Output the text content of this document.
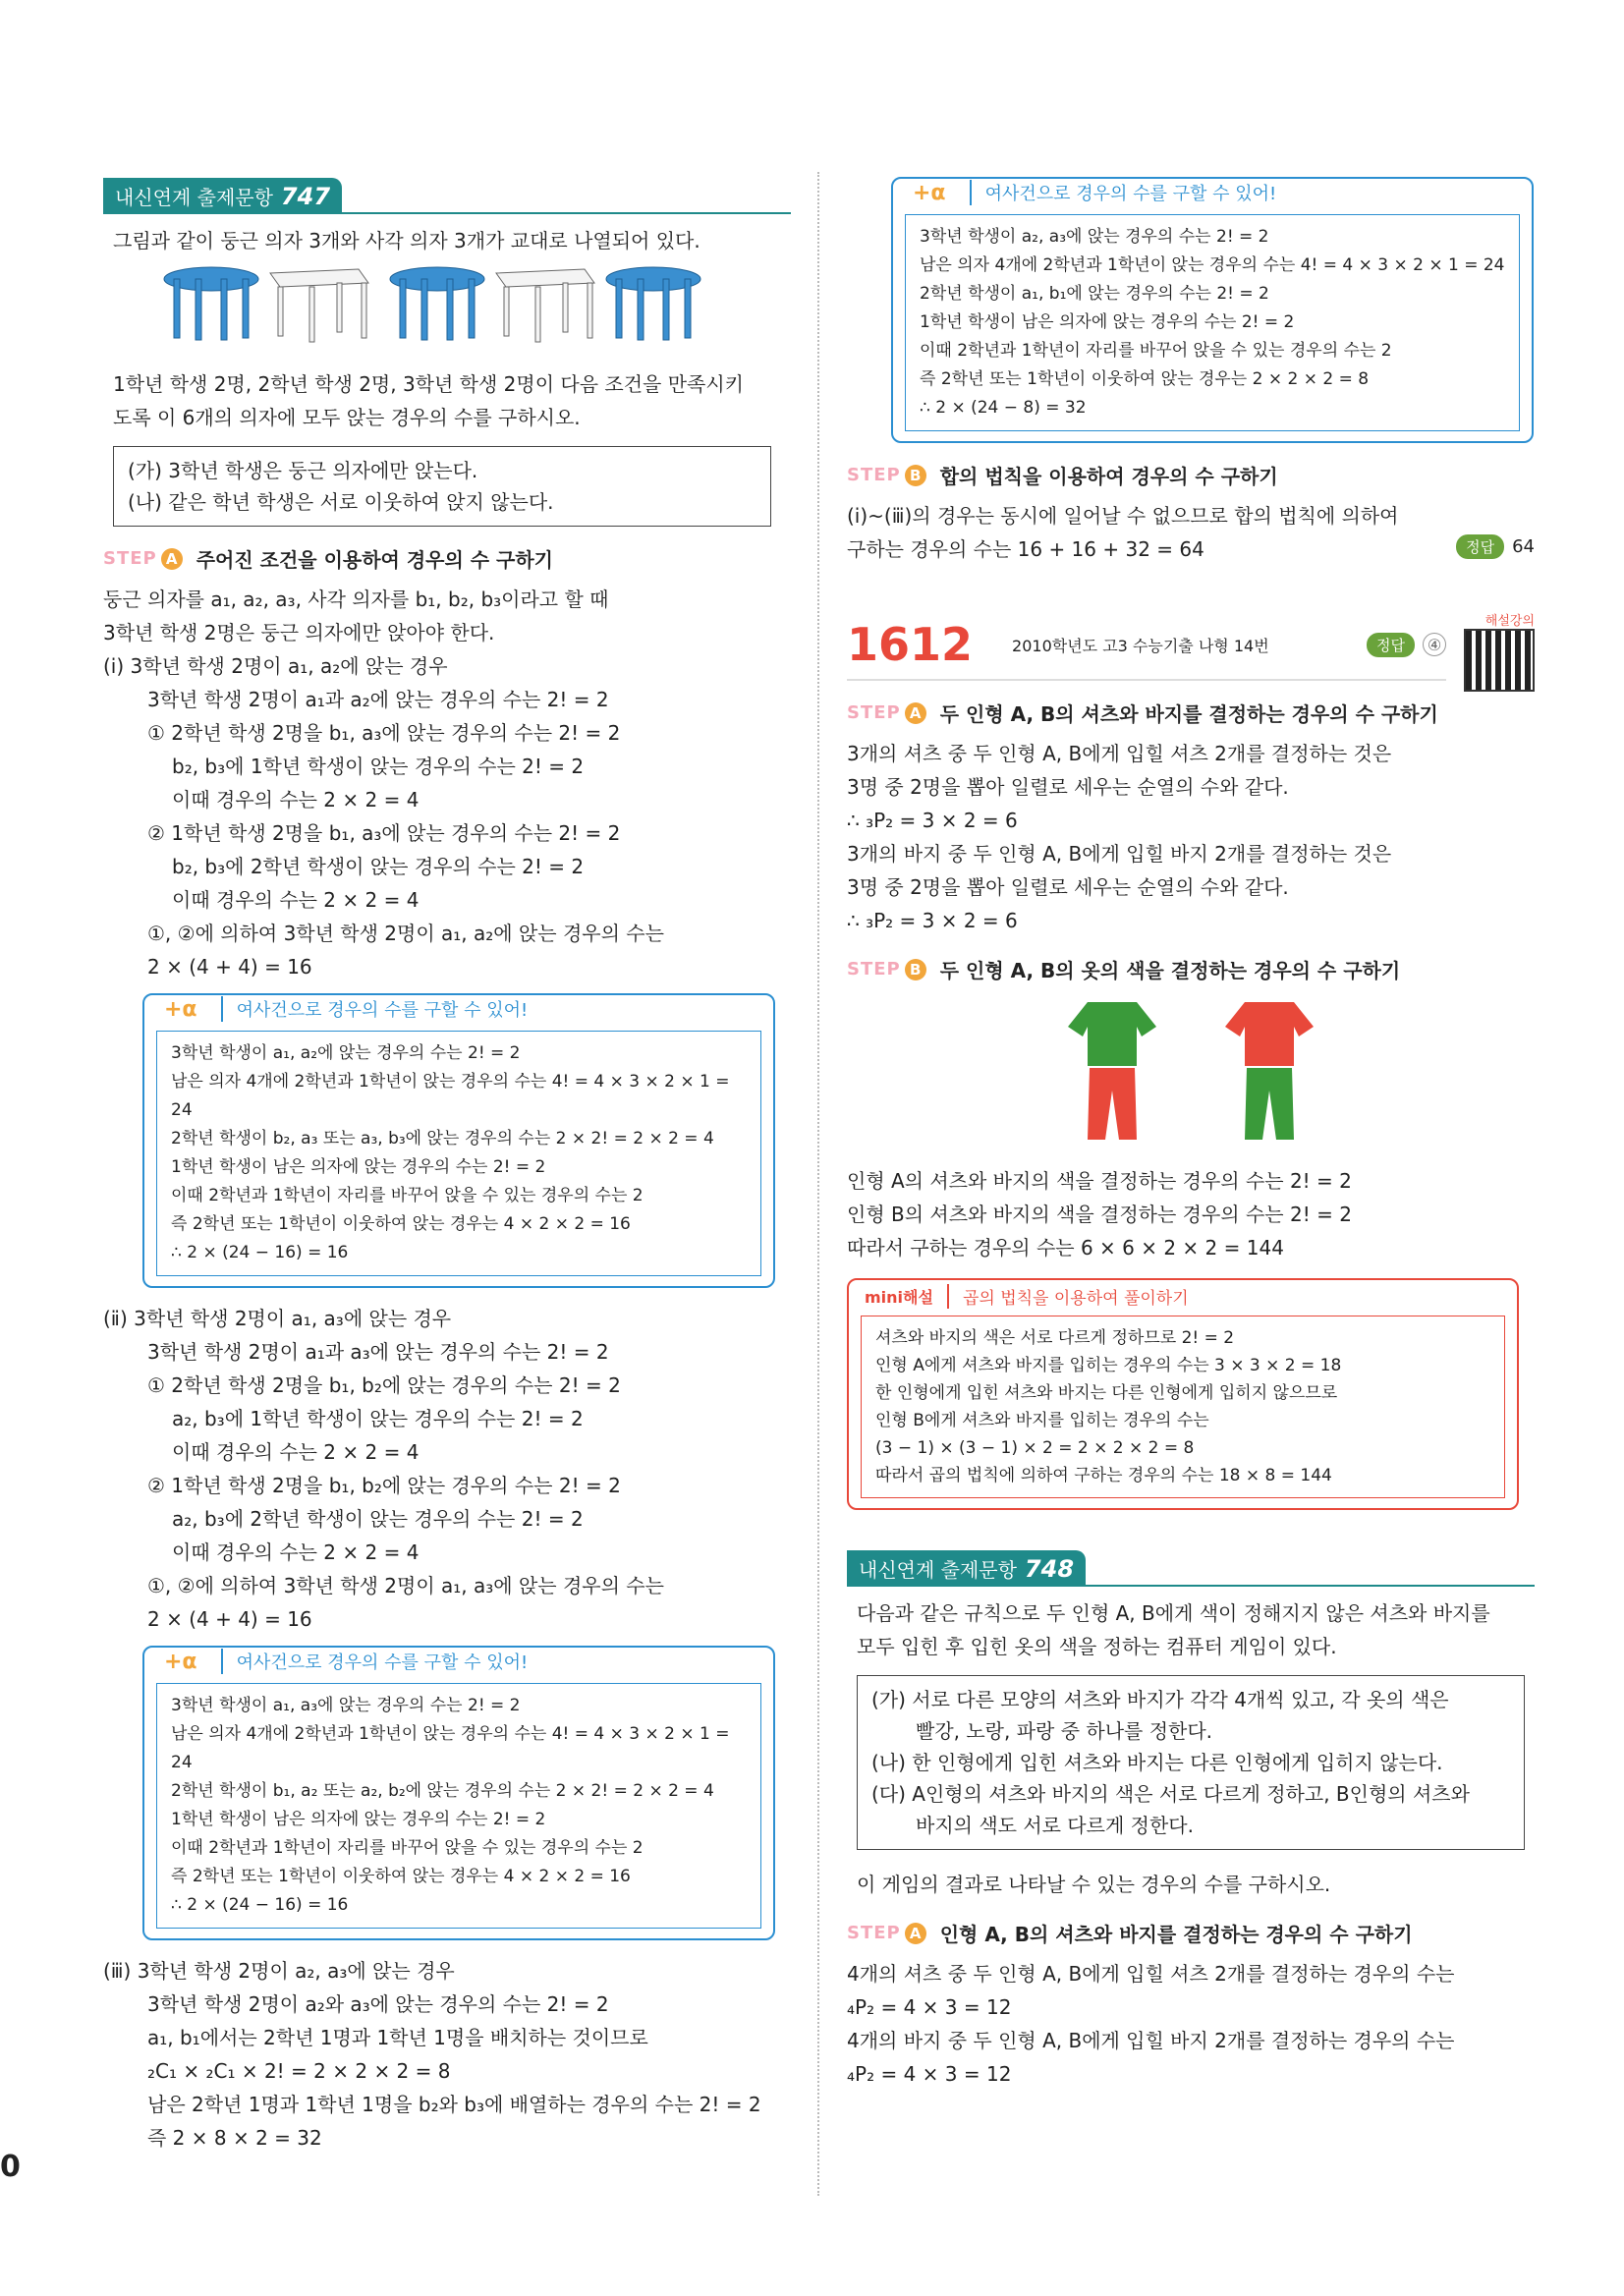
0
내신연계 출제문항 747

그림과 같이 둥근 의자 3개와 사각 의자 3개가 교대로 나열되어 있다.

1학년 학생 2명, 2학년 학생 2명, 3학년 학생 2명이 다음 조건을 만족시키

도록 이 6개의 의자에 모두 앉는 경우의 수를 구하시오.

(가) 3학년 학생은 둥근 의자에만 앉는다.

(나) 같은 학년 학생은 서로 이웃하여 앉지 않는다.

STEP A 주어진 조건을 이용하여 경우의 수 구하기

둥근 의자를 a₁, a₂, a₃, 사각 의자를 b₁, b₂, b₃이라고 할 때

3학년 학생 2명은 둥근 의자에만 앉아야 한다.

(ⅰ) 3학년 학생 2명이 a₁, a₂에 앉는 경우

3학년 학생 2명이 a₁과 a₂에 앉는 경우의 수는 2! = 2

① 2학년 학생 2명을 b₁, a₃에 앉는 경우의 수는 2! = 2

b₂, b₃에 1학년 학생이 앉는 경우의 수는 2! = 2

이때 경우의 수는 2 × 2 = 4

② 1학년 학생 2명을 b₁, a₃에 앉는 경우의 수는 2! = 2

b₂, b₃에 2학년 학생이 앉는 경우의 수는 2! = 2

이때 경우의 수는 2 × 2 = 4

①, ②에 의하여 3학년 학생 2명이 a₁, a₂에 앉는 경우의 수는

2 × (4 + 4) = 16

+α	여사건으로 경우의 수를 구할 수 있어!

3학년 학생이 a₁, a₂에 앉는 경우의 수는 2! = 2

남은 의자 4개에 2학년과 1학년이 앉는 경우의 수는 4! = 4 × 3 × 2 × 1 = 24

2학년 학생이 b₂, a₃ 또는 a₃, b₃에 앉는 경우의 수는 2 × 2! = 2 × 2 = 4

1학년 학생이 남은 의자에 앉는 경우의 수는 2! = 2

이때 2학년과 1학년이 자리를 바꾸어 앉을 수 있는 경우의 수는 2

즉 2학년 또는 1학년이 이웃하여 앉는 경우는 4 × 2 × 2 = 16

∴ 2 × (24 − 16) = 16

(ⅱ) 3학년 학생 2명이 a₁, a₃에 앉는 경우

3학년 학생 2명이 a₁과 a₃에 앉는 경우의 수는 2! = 2

① 2학년 학생 2명을 b₁, b₂에 앉는 경우의 수는 2! = 2

a₂, b₃에 1학년 학생이 앉는 경우의 수는 2! = 2

이때 경우의 수는 2 × 2 = 4

② 1학년 학생 2명을 b₁, b₂에 앉는 경우의 수는 2! = 2

a₂, b₃에 2학년 학생이 앉는 경우의 수는 2! = 2

이때 경우의 수는 2 × 2 = 4

①, ②에 의하여 3학년 학생 2명이 a₁, a₃에 앉는 경우의 수는

2 × (4 + 4) = 16

+α	여사건으로 경우의 수를 구할 수 있어!

3학년 학생이 a₁, a₃에 앉는 경우의 수는 2! = 2

남은 의자 4개에 2학년과 1학년이 앉는 경우의 수는 4! = 4 × 3 × 2 × 1 = 24

2학년 학생이 b₁, a₂ 또는 a₂, b₂에 앉는 경우의 수는 2 × 2! = 2 × 2 = 4

1학년 학생이 남은 의자에 앉는 경우의 수는 2! = 2

이때 2학년과 1학년이 자리를 바꾸어 앉을 수 있는 경우의 수는 2

즉 2학년 또는 1학년이 이웃하여 앉는 경우는 4 × 2 × 2 = 16

∴ 2 × (24 − 16) = 16

(ⅲ) 3학년 학생 2명이 a₂, a₃에 앉는 경우

3학년 학생 2명이 a₂와 a₃에 앉는 경우의 수는 2! = 2

a₁, b₁에서는 2학년 1명과 1학년 1명을 배치하는 것이므로

₂C₁ × ₂C₁ × 2! = 2 × 2 × 2 = 8

남은 2학년 1명과 1학년 1명을 b₂와 b₃에 배열하는 경우의 수는 2! = 2

즉 2 × 8 × 2 = 32

+α	여사건으로 경우의 수를 구할 수 있어!

3학년 학생이 a₂, a₃에 앉는 경우의 수는 2! = 2

남은 의자 4개에 2학년과 1학년이 앉는 경우의 수는 4! = 4 × 3 × 2 × 1 = 24

2학년 학생이 a₁, b₁에 앉는 경우의 수는 2! = 2

1학년 학생이 남은 의자에 앉는 경우의 수는 2! = 2

이때 2학년과 1학년이 자리를 바꾸어 앉을 수 있는 경우의 수는 2

즉 2학년 또는 1학년이 이웃하여 앉는 경우는 2 × 2 × 2 = 8

∴ 2 × (24 − 8) = 32

STEP B 합의 법칙을 이용하여 경우의 수 구하기

(ⅰ)~(ⅲ)의 경우는 동시에 일어날 수 없으므로 합의 법칙에 의하여

구하는 경우의 수는 16 + 16 + 32 = 64	정답	64
해설강의
1612	2010학년도 고3 수능기출 나형 14번	정답	④
STEP A 두 인형 A, B의 셔츠와 바지를 결정하는 경우의 수 구하기

3개의 셔츠 중 두 인형 A, B에게 입힐 셔츠 2개를 결정하는 것은

3명 중 2명을 뽑아 일렬로 세우는 순열의 수와 같다.

∴ ₃P₂ = 3 × 2 = 6

3개의 바지 중 두 인형 A, B에게 입힐 바지 2개를 결정하는 것은

3명 중 2명을 뽑아 일렬로 세우는 순열의 수와 같다.

∴ ₃P₂ = 3 × 2 = 6

STEP B 두 인형 A, B의 옷의 색을 결정하는 경우의 수 구하기

인형 A의 셔츠와 바지의 색을 결정하는 경우의 수는 2! = 2

인형 B의 셔츠와 바지의 색을 결정하는 경우의 수는 2! = 2

따라서 구하는 경우의 수는 6 × 6 × 2 × 2 = 144

mini해설	곱의 법칙을 이용하여 풀이하기

셔츠와 바지의 색은 서로 다르게 정하므로 2! = 2

인형 A에게 셔츠와 바지를 입히는 경우의 수는 3 × 3 × 2 = 18

한 인형에게 입힌 셔츠와 바지는 다른 인형에게 입히지 않으므로

인형 B에게 셔츠와 바지를 입히는 경우의 수는

(3 − 1) × (3 − 1) × 2 = 2 × 2 × 2 = 8

따라서 곱의 법칙에 의하여 구하는 경우의 수는 18 × 8 = 144

내신연계 출제문항 748

다음과 같은 규칙으로 두 인형 A, B에게 색이 정해지지 않은 셔츠와 바지를

모두 입힌 후 입힌 옷의 색을 정하는 컴퓨터 게임이 있다.

(가) 서로 다른 모양의 셔츠와 바지가 각각 4개씩 있고, 각 옷의 색은

빨강, 노랑, 파랑 중 하나를 정한다.

(나) 한 인형에게 입힌 셔츠와 바지는 다른 인형에게 입히지 않는다.

(다) A인형의 셔츠와 바지의 색은 서로 다르게 정하고, B인형의 셔츠와

바지의 색도 서로 다르게 정한다.

이 게임의 결과로 나타날 수 있는 경우의 수를 구하시오.

STEP A 인형 A, B의 셔츠와 바지를 결정하는 경우의 수 구하기

4개의 셔츠 중 두 인형 A, B에게 입힐 셔츠 2개를 결정하는 경우의 수는

₄P₂ = 4 × 3 = 12

4개의 바지 중 두 인형 A, B에게 입힐 바지 2개를 결정하는 경우의 수는

₄P₂ = 4 × 3 = 12
